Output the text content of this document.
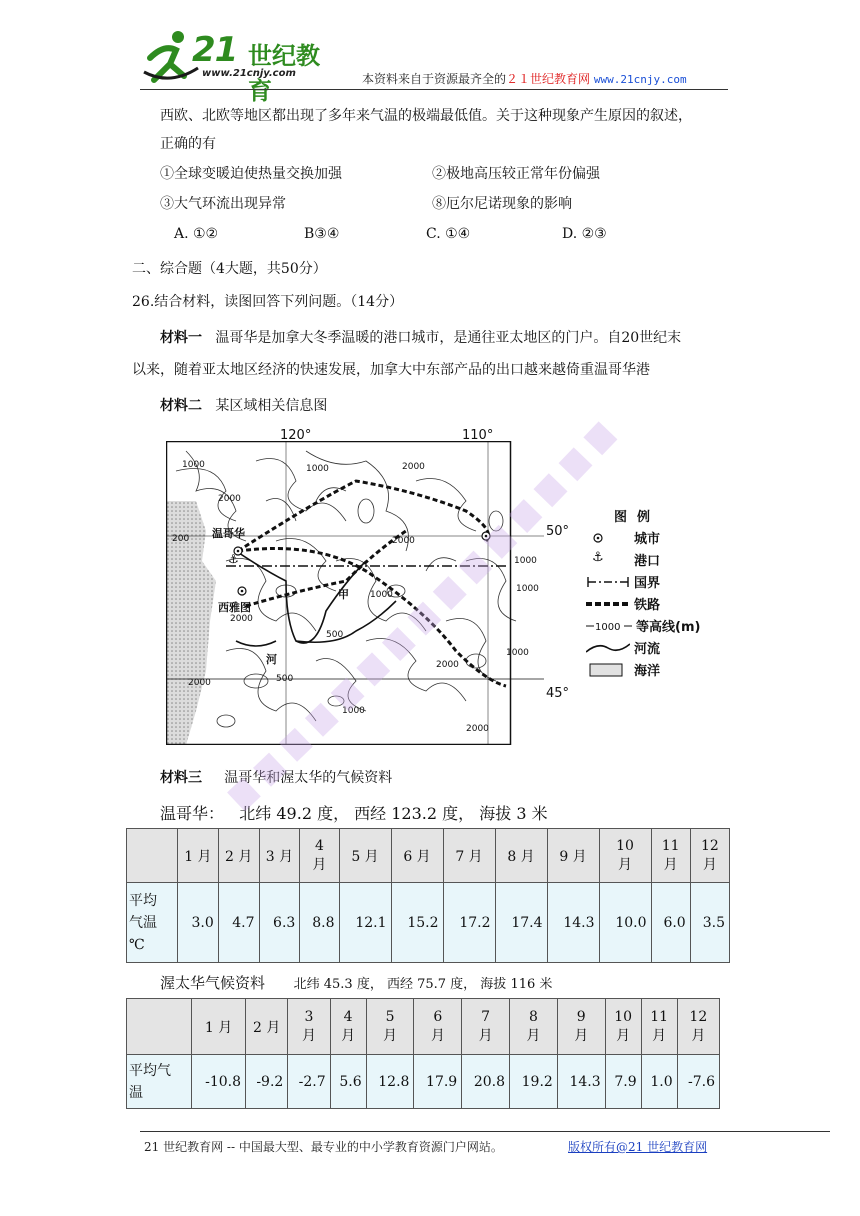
21 世纪教育
www.21cnjy.com	本资料来自于资源最齐全的２１世纪教育网 www.21cnjy.com
西欧、北欧等地区都出现了多年来气温的极端最低值。关于这种现象产生原因的叙述，
正确的有
①全球变暖迫使热量交换加强	②极地高压较正常年份偏强
③大气环流出现异常	⑧厄尔尼诺现象的影响
A. ①②	B③④	C. ①④	D. ②③
二、综合题（4大题，共50分）
26.结合材料，读图回答下列问题。（14分）
材料一 温哥华是加拿大冬季温暖的港口城市，是通往亚太地区的门户。自20世纪末
以来，随着亚太地区经济的快速发展，加拿大中东部产品的出口越来越倚重温哥华港
材料二 某区域相关信息图
⚓
1000
2000
200
1000	2000
500
1000
2000
1000
2000
1000
500
2000
1000
2000
1000
2000
温哥华
西雅图
甲
河
120°	110°
50°
45°
图例
城市
⚓	港口
国界
铁路
1000 等高线(m)
河流
海洋
材料三 温哥华和渥太华的气候资料
温哥华： 北纬 49.2 度， 西经 123.2 度， 海拔 3 米
	1 月	2 月	3 月	4
月	5 月	6 月	7 月	8 月	9 月	10
月	11
月	12
月
平均
气温
℃	3.0	4.7	6.3	8.8	12.1	15.2	17.2	17.4	14.3	10.0	6.0	3.5
渥太华气候资料 北纬 45.3 度， 西经 75.7 度， 海拔 116 米
	1 月	2 月	3
月	4
月	5
月	6
月	7
月	8
月	9
月	10
月	11
月	12
月
平均气
温	-10.8	-9.2	-2.7	5.6	12.8	17.9	20.8	19.2	14.3	7.9	1.0	-7.6
21 世纪教育网 -- 中国最大型、最专业的中小学教育资源门户网站。	版权所有@21 世纪教育网
